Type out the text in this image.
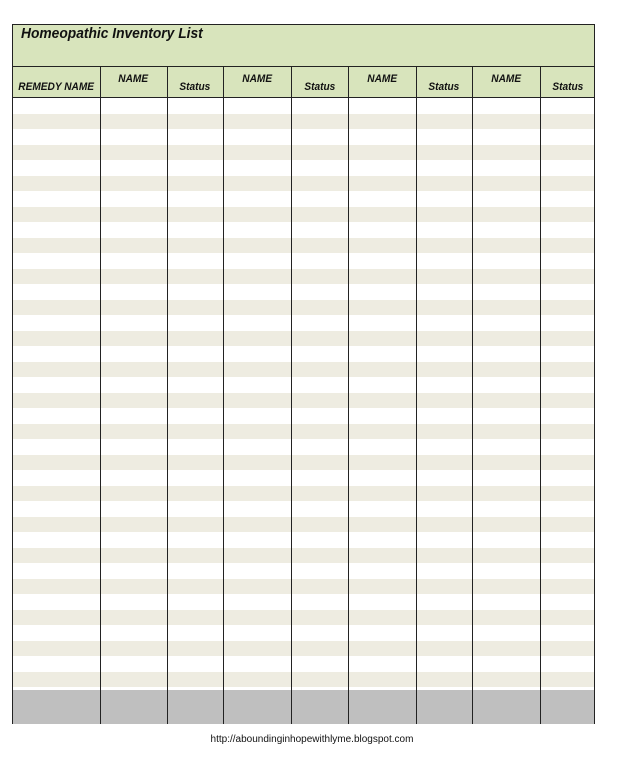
Homeopathic Inventory List
REMEDY NAME
NAME
Status
NAME
Status
NAME
Status
NAME
Status
http://aboundinginhopewithlyme.blogspot.com
